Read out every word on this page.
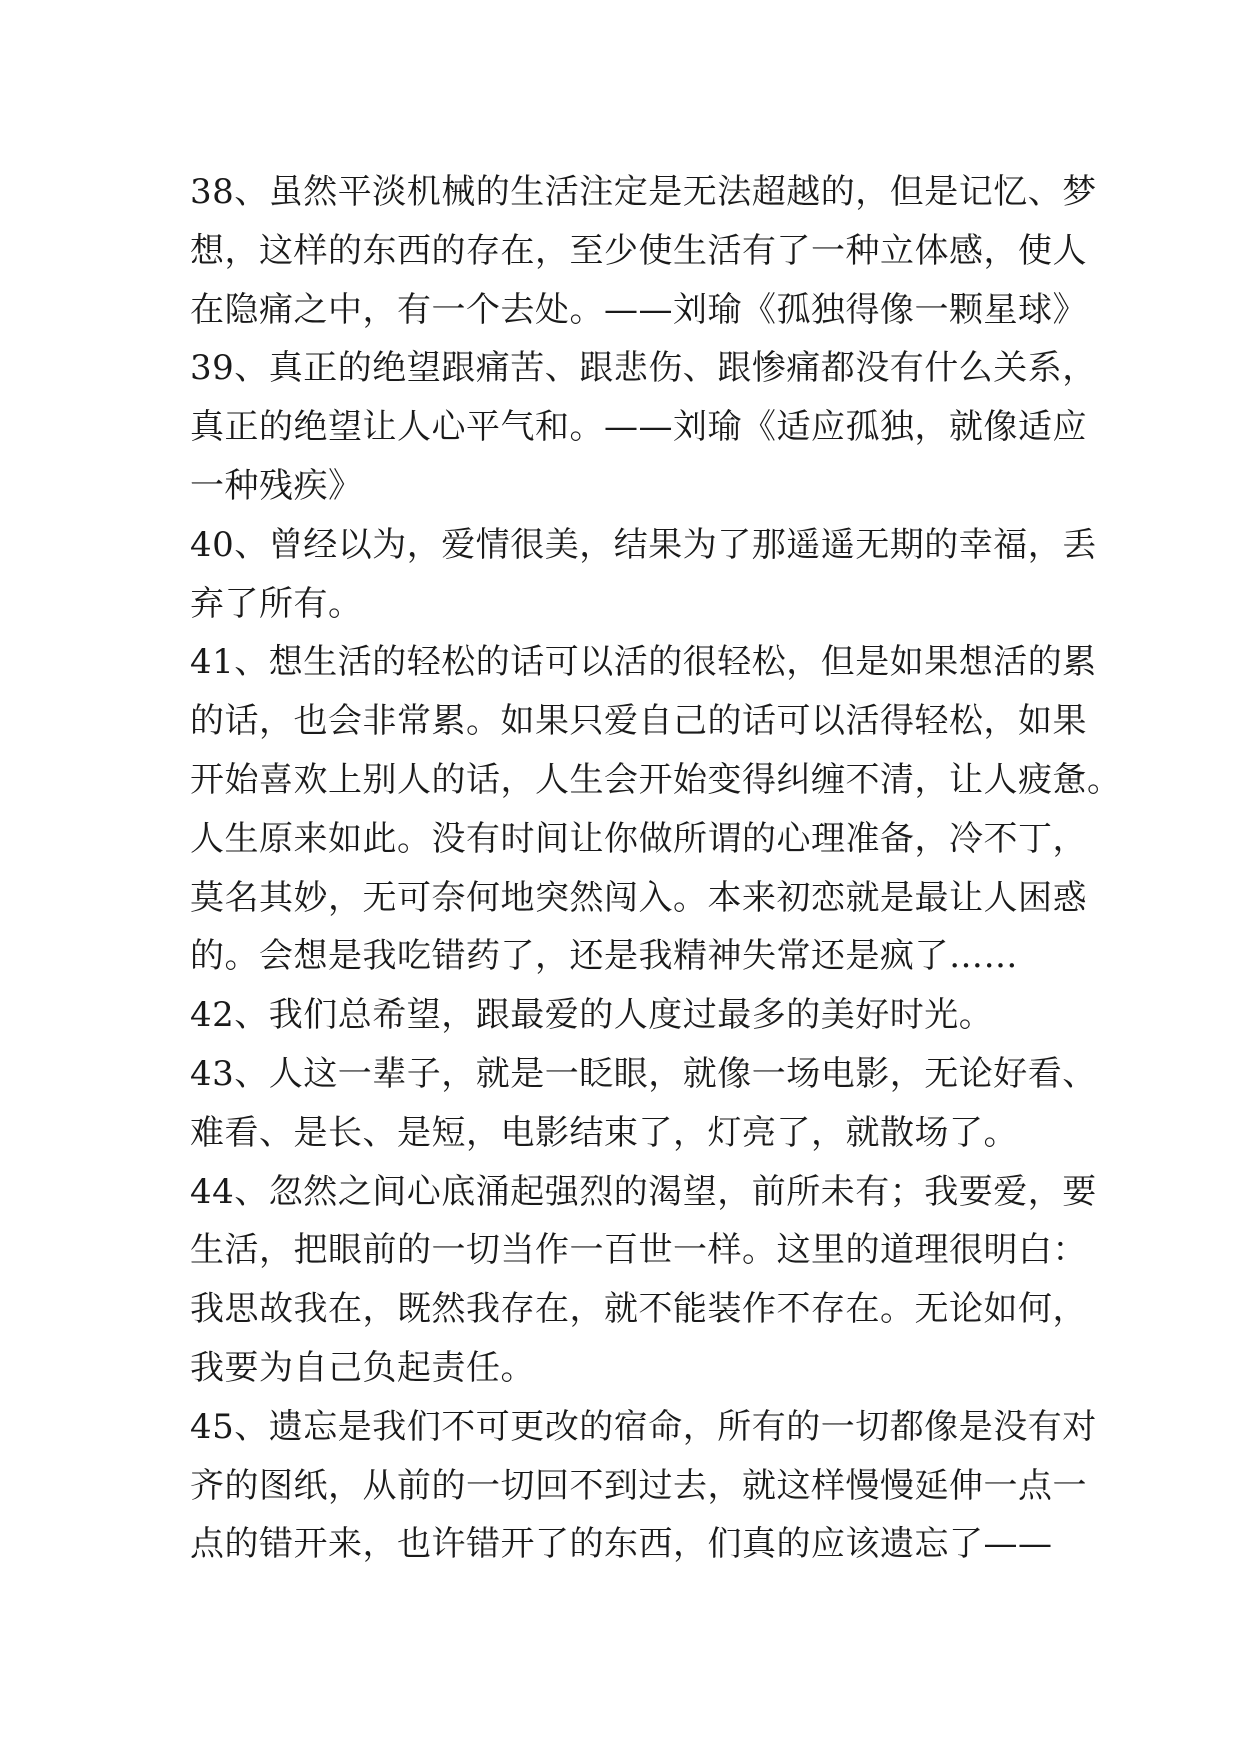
38、虽然平淡机械的生活注定是无法超越的，但是记忆、梦
想，这样的东西的存在，至少使生活有了一种立体感，使人
在隐痛之中，有一个去处。——刘瑜《孤独得像一颗星球》
39、真正的绝望跟痛苦、跟悲伤、跟惨痛都没有什么关系，
真正的绝望让人心平气和。——刘瑜《适应孤独，就像适应
一种残疾》
40、曾经以为，爱情很美，结果为了那遥遥无期的幸福，丢
弃了所有。
41、想生活的轻松的话可以活的很轻松，但是如果想活的累
的话，也会非常累。如果只爱自己的话可以活得轻松，如果
开始喜欢上别人的话，人生会开始变得纠缠不清，让人疲惫。
人生原来如此。没有时间让你做所谓的心理准备，冷不丁，
莫名其妙，无可奈何地突然闯入。本来初恋就是最让人困惑
的。会想是我吃错药了，还是我精神失常还是疯了……
42、我们总希望，跟最爱的人度过最多的美好时光。
43、人这一辈子，就是一眨眼，就像一场电影，无论好看、
难看、是长、是短，电影结束了，灯亮了，就散场了。
44、忽然之间心底涌起强烈的渴望，前所未有；我要爱，要
生活，把眼前的一切当作一百世一样。这里的道理很明白：
我思故我在，既然我存在，就不能装作不存在。无论如何，
我要为自己负起责任。
45、遗忘是我们不可更改的宿命，所有的一切都像是没有对
齐的图纸，从前的一切回不到过去，就这样慢慢延伸一点一
点的错开来，也许错开了的东西，们真的应该遗忘了——
